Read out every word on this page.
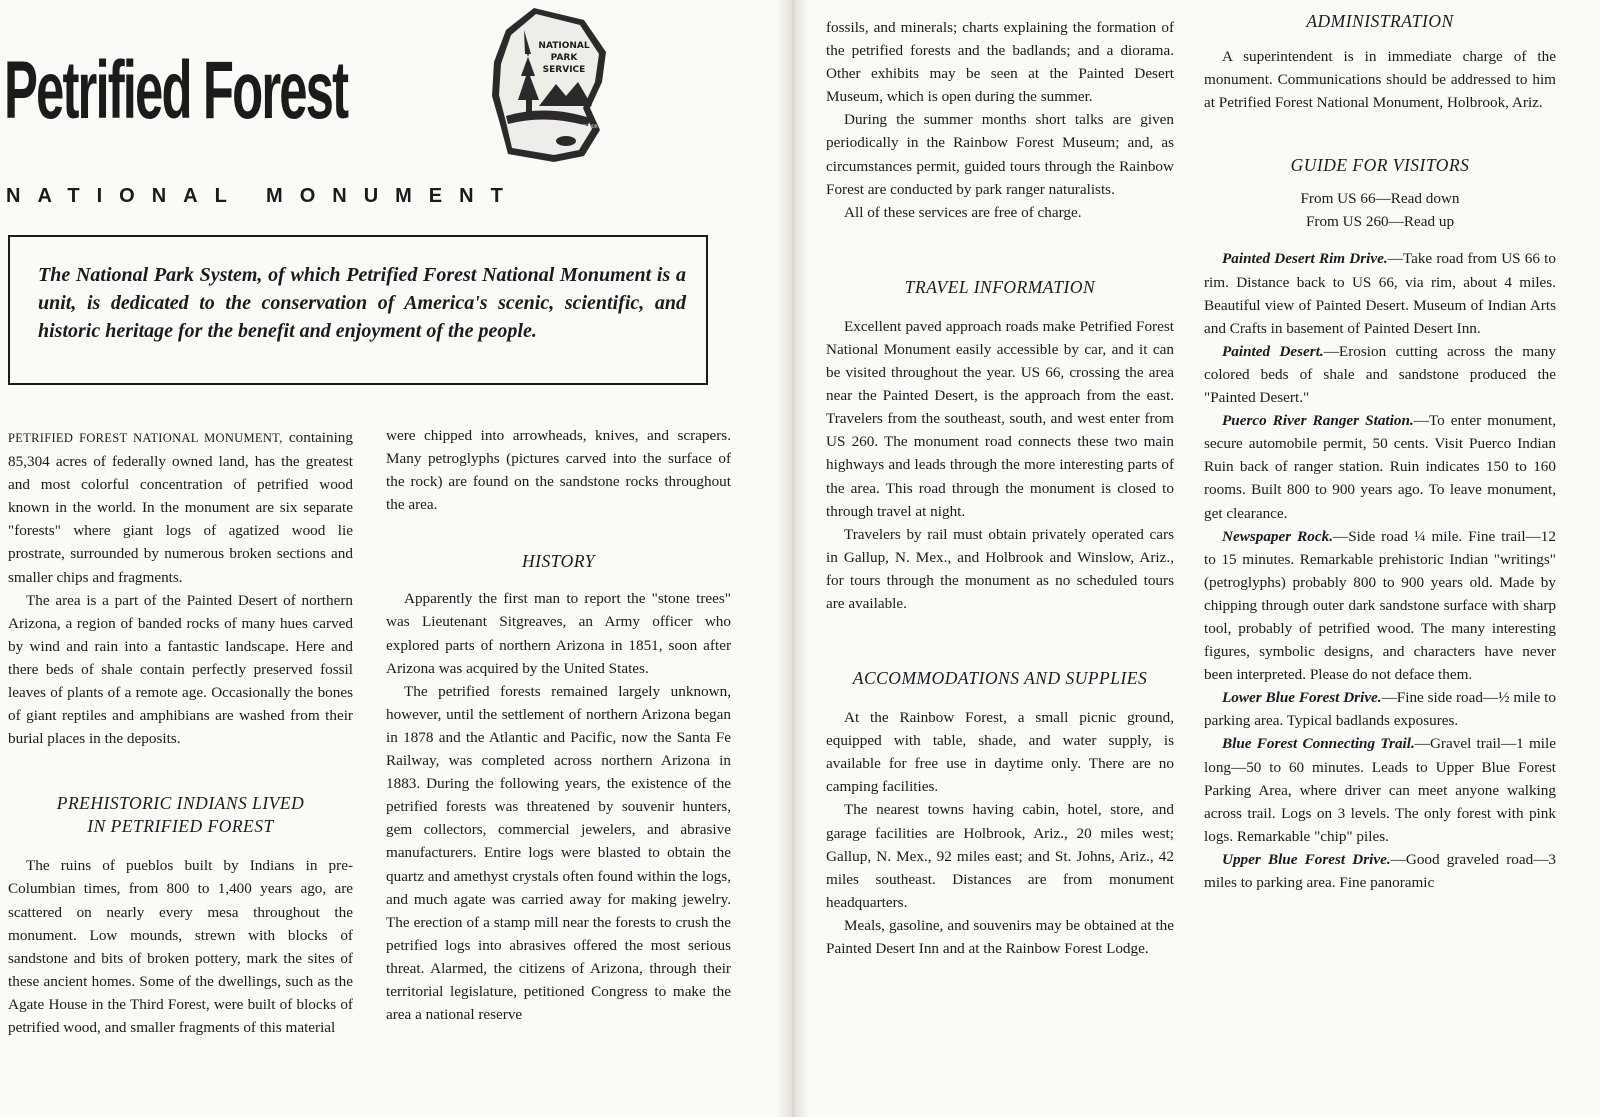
Petrified Forest
NATIONAL MONUMENT
NATIONAL
PARK
SERVICE
DEPARTMENT OF THE INTERIOR

The National Park System, of which Petrified Forest National Monument is a unit, is dedicated to the conservation of America's scenic, scientific, and historic heritage for the benefit and enjoyment of the people.

PETRIFIED FOREST NATIONAL MONUMENT, containing 85,304 acres of federally owned land, has the greatest and most colorful concentration of petrified wood known in the world. In the monument are six separate "forests" where giant logs of agatized wood lie prostrate, surrounded by numerous broken sections and smaller chips and fragments.

The area is a part of the Painted Desert of northern Arizona, a region of banded rocks of many hues carved by wind and rain into a fantastic landscape. Here and there beds of shale contain perfectly preserved fossil leaves of plants of a remote age. Occasionally the bones of giant reptiles and amphibians are washed from their burial places in the deposits.

PREHISTORIC INDIANS LIVED
IN PETRIFIED FOREST

The ruins of pueblos built by Indians in pre-Columbian times, from 800 to 1,400 years ago, are scattered on nearly every mesa throughout the monument. Low mounds, strewn with blocks of sandstone and bits of broken pottery, mark the sites of these ancient homes. Some of the dwellings, such as the Agate House in the Third Forest, were built of blocks of petrified wood, and smaller fragments of this material

were chipped into arrowheads, knives, and scrapers. Many petroglyphs (pictures carved into the surface of the rock) are found on the sandstone rocks throughout the area.

HISTORY

Apparently the first man to report the "stone trees" was Lieutenant Sitgreaves, an Army officer who explored parts of northern Arizona in 1851, soon after Arizona was acquired by the United States.

The petrified forests remained largely unknown, however, until the settlement of northern Arizona began in 1878 and the Atlantic and Pacific, now the Santa Fe Railway, was completed across northern Arizona in 1883. During the following years, the existence of the petrified forests was threatened by souvenir hunters, gem collectors, commercial jewelers, and abrasive manufacturers. Entire logs were blasted to obtain the quartz and amethyst crystals often found within the logs, and much agate was carried away for making jewelry. The erection of a stamp mill near the forests to crush the petrified logs into abrasives offered the most serious threat. Alarmed, the citizens of Arizona, through their territorial legislature, petitioned Congress to make the area a national reserve

fossils, and minerals; charts explaining the formation of the petrified forests and the badlands; and a diorama. Other exhibits may be seen at the Painted Desert Museum, which is open during the summer.

During the summer months short talks are given periodically in the Rainbow Forest Museum; and, as circumstances permit, guided tours through the Rainbow Forest are conducted by park ranger naturalists.

All of these services are free of charge.

TRAVEL INFORMATION

Excellent paved approach roads make Petrified Forest National Monument easily accessible by car, and it can be visited throughout the year. US 66, crossing the area near the Painted Desert, is the approach from the east. Travelers from the southeast, south, and west enter from US 260. The monument road connects these two main highways and leads through the more interesting parts of the area. This road through the monument is closed to through travel at night.

Travelers by rail must obtain privately operated cars in Gallup, N. Mex., and Holbrook and Winslow, Ariz., for tours through the monument as no scheduled tours are available.

ACCOMMODATIONS AND SUPPLIES

At the Rainbow Forest, a small picnic ground, equipped with table, shade, and water supply, is available for free use in daytime only. There are no camping facilities.

The nearest towns having cabin, hotel, store, and garage facilities are Holbrook, Ariz., 20 miles west; Gallup, N. Mex., 92 miles east; and St. Johns, Ariz., 42 miles southeast. Distances are from monument headquarters.

Meals, gasoline, and souvenirs may be obtained at the Painted Desert Inn and at the Rainbow Forest Lodge.

ADMINISTRATION

A superintendent is in immediate charge of the monument. Communications should be addressed to him at Petrified Forest National Monument, Holbrook, Ariz.

GUIDE FOR VISITORS

From US 66—Read down

From US 260—Read up

Painted Desert Rim Drive.—Take road from US 66 to rim. Distance back to US 66, via rim, about 4 miles. Beautiful view of Painted Desert. Museum of Indian Arts and Crafts in basement of Painted Desert Inn.

Painted Desert.—Erosion cutting across the many colored beds of shale and sandstone produced the "Painted Desert."

Puerco River Ranger Station.—To enter monument, secure automobile permit, 50 cents. Visit Puerco Indian Ruin back of ranger station. Ruin indicates 150 to 160 rooms. Built 800 to 900 years ago. To leave monument, get clearance.

Newspaper Rock.—Side road ¼ mile. Fine trail—12 to 15 minutes. Remarkable prehistoric Indian "writings" (petroglyphs) probably 800 to 900 years old. Made by chipping through outer dark sandstone surface with sharp tool, probably of petrified wood. The many interesting figures, symbolic designs, and characters have never been interpreted. Please do not deface them.

Lower Blue Forest Drive.—Fine side road—½ mile to parking area. Typical badlands exposures.

Blue Forest Connecting Trail.—Gravel trail—1 mile long—50 to 60 minutes. Leads to Upper Blue Forest Parking Area, where driver can meet anyone walking across trail. Logs on 3 levels. The only forest with pink logs. Remarkable "chip" piles.

Upper Blue Forest Drive.—Good graveled road—3 miles to parking area. Fine panoramic
